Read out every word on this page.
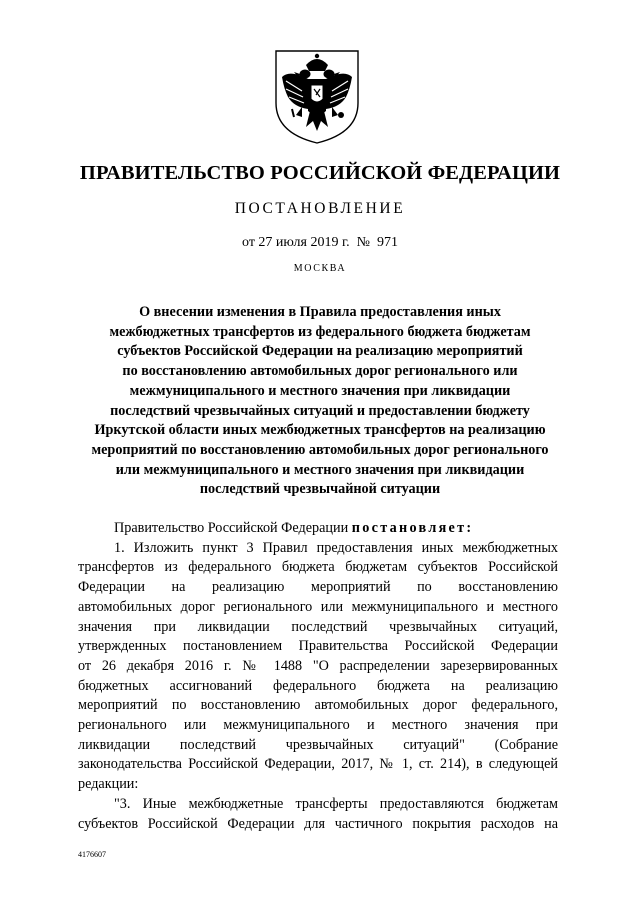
ПРАВИТЕЛЬСТВО РОССИЙСКОЙ ФЕДЕРАЦИИ
ПОСТАНОВЛЕНИЕ
от 27 июля 2019 г.  №  971
МОСКВА
О внесении изменения в Правила предоставления иных
межбюджетных трансфертов из федерального бюджета бюджетам
субъектов Российской Федерации на реализацию мероприятий
по восстановлению автомобильных дорог регионального или
межмуниципального и местного значения при ликвидации
последствий чрезвычайных ситуаций и предоставлении бюджету
Иркутской области иных межбюджетных трансфертов на реализацию
мероприятий по восстановлению автомобильных дорог регионального
или межмуниципального и местного значения при ликвидации
последствий чрезвычайной ситуации
Правительство Российской Федерации постановляет:
1. Изложить пункт 3 Правил предоставления иных межбюджетных
трансфертов из федерального бюджета бюджетам субъектов Российской
Федерации на реализацию мероприятий по восстановлению
автомобильных дорог регионального или межмуниципального и местного
значения при ликвидации последствий чрезвычайных ситуаций,
утвержденных постановлением Правительства Российской Федерации
от 26 декабря 2016 г. № 1488 "О распределении зарезервированных
бюджетных ассигнований федерального бюджета на реализацию
мероприятий по восстановлению автомобильных дорог федерального,
регионального или межмуниципального и местного значения при
ликвидации последствий чрезвычайных ситуаций" (Собрание
законодательства Российской Федерации, 2017, № 1, ст. 214), в следующей
редакции:
"3. Иные межбюджетные трансферты предоставляются бюджетам
субъектов Российской Федерации для частичного покрытия расходов на
4176607
